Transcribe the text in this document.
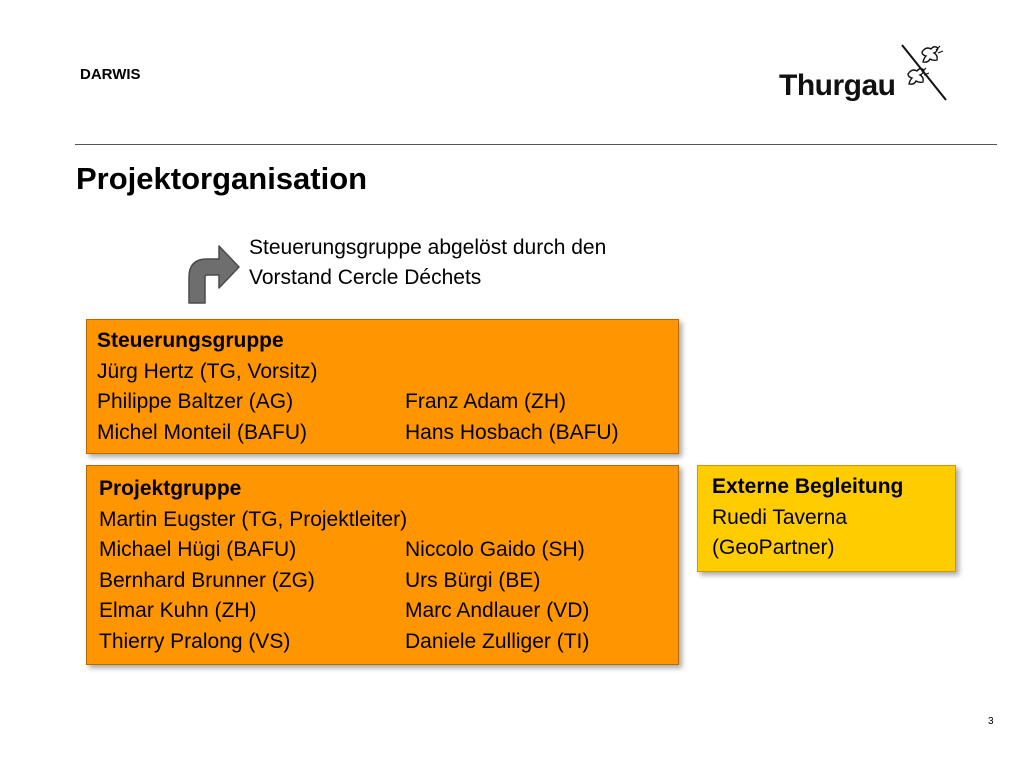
DARWIS	Thurgau
Projektorganisation
Steuerungsgruppe abgelöst durch den
Vorstand Cercle Déchets
Steuerungsgruppe
Jürg Hertz (TG, Vorsitz)
Philippe Baltzer (AG)	Franz Adam (ZH)
Michel Monteil (BAFU)	Hans Hosbach (BAFU)
Projektgruppe
Martin Eugster (TG, Projektleiter)
Michael Hügi (BAFU)	Niccolo Gaido (SH)
Bernhard Brunner (ZG)	Urs Bürgi (BE)
Elmar Kuhn (ZH)	Marc Andlauer (VD)
Thierry Pralong (VS)	Daniele Zulliger (TI)
Externe Begleitung
Ruedi Taverna
(GeoPartner)
3
